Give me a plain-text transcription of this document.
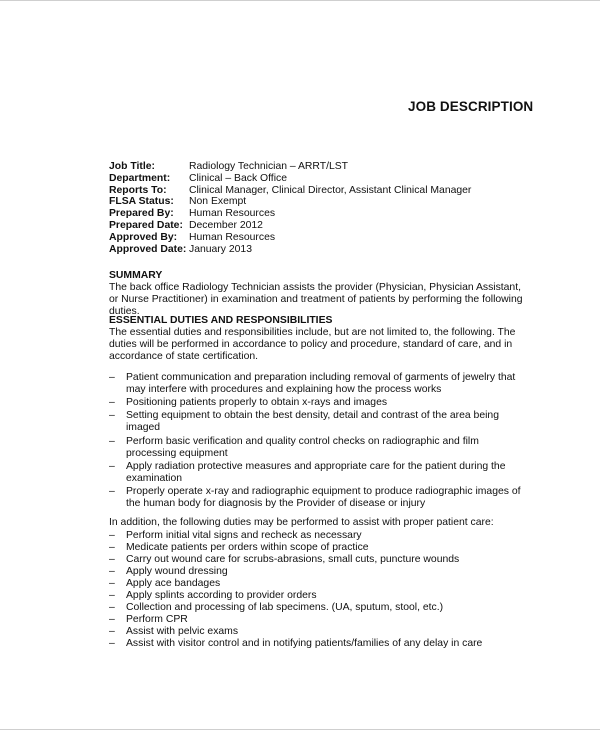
JOB DESCRIPTION
Job Title:	Radiology Technician – ARRT/LST
Department: Clinical – Back Office
Reports To: Clinical Manager, Clinical Director, Assistant Clinical Manager
FLSA Status: Non Exempt
Prepared By: Human Resources
Prepared Date: December 2012
Approved By: Human Resources
Approved Date: January 2013
SUMMARY

The back office Radiology Technician assists the provider (Physician, Physician Assistant, or Nurse Practitioner) in examination and treatment of patients by performing the following duties.

ESSENTIAL DUTIES AND RESPONSIBILITIES

The essential duties and responsibilities include, but are not limited to, the following. The duties will be performed in accordance to policy and procedure, standard of care, and in accordance of state certification.

– Patient communication and preparation including removal of garments of jewelry that may interfere with procedures and explaining how the process works
– Positioning patients properly to obtain x-rays and images
– Setting equipment to obtain the best density, detail and contrast of the area being imaged
– Perform basic verification and quality control checks on radiographic and film processing equipment
– Apply radiation protective measures and appropriate care for the patient during the examination
– Properly operate x-ray and radiographic equipment to produce radiographic images of the human body for diagnosis by the Provider of disease or injury

In addition, the following duties may be performed to assist with proper patient care:

– Perform initial vital signs and recheck as necessary
– Medicate patients per orders within scope of practice
– Carry out wound care for scrubs-abrasions, small cuts, puncture wounds
– Apply wound dressing
– Apply ace bandages
– Apply splints according to provider orders
– Collection and processing of lab specimens. (UA, sputum, stool, etc.)
– Perform CPR
– Assist with pelvic exams
– Assist with visitor control and in notifying patients/families of any delay in care
